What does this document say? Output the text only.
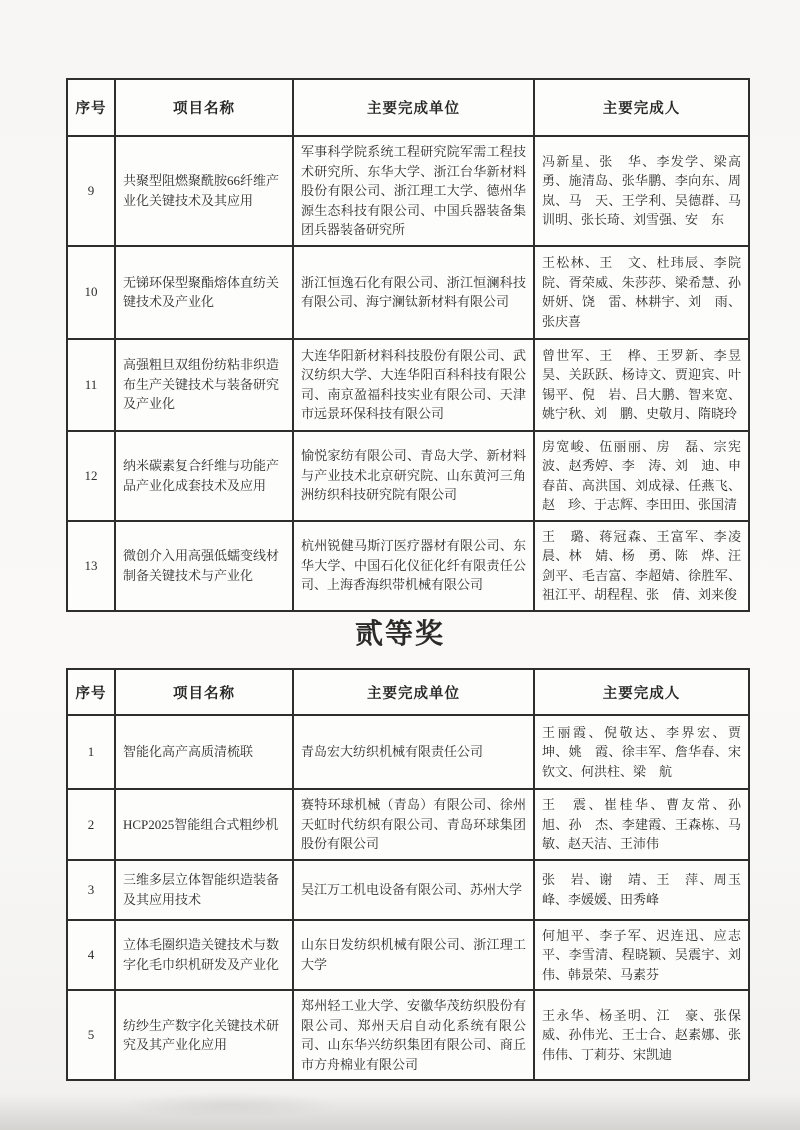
序号	项目名称	主要完成单位	主要完成人
9	共聚型阻燃聚酰胺66纤维产业化关键技术及其应用	军事科学院系统工程研究院军需工程技术研究所、东华大学、浙江台华新材料股份有限公司、浙江理工大学、德州华源生态科技有限公司、中国兵器装备集团兵器装备研究所	冯新星、张　华、李发学、梁高勇、施清岛、张华鹏、李向东、周　岚、马　天、王学利、吴德群、马训明、张长琦、刘雪强、安　东
10	无锑环保型聚酯熔体直纺关键技术及产业化	浙江恒逸石化有限公司、浙江恒澜科技有限公司、海宁澜钛新材料有限公司	王松林、王　文、杜玮辰、李院院、胥荣威、朱莎莎、梁希慧、孙妍妍、饶　雷、林耕宇、刘　雨、张庆喜
11	高强粗旦双组份纺粘非织造布生产关键技术与装备研究及产业化	大连华阳新材料科技股份有限公司、武汉纺织大学、大连华阳百科科技有限公司、南京盈福科技实业有限公司、天津市远景环保科技有限公司	曾世军、王　桦、王罗新、李昱昊、关跃跃、杨诗文、贾迎宾、叶锡平、倪　岩、吕大鹏、智来宽、姚宁秋、刘　鹏、史敬月、隋晓玲
12	纳米碳素复合纤维与功能产品产业化成套技术及应用	愉悦家纺有限公司、青岛大学、新材料与产业技术北京研究院、山东黄河三角洲纺织科技研究院有限公司	房宽峻、伍丽丽、房　磊、宗宪波、赵秀婷、李　涛、刘　迪、申春苗、高洪国、刘成禄、任燕飞、赵　珍、于志辉、李田田、张国清
13	微创介入用高强低蠕变线材制备关键技术与产业化	杭州锐健马斯汀医疗器材有限公司、东华大学、中国石化仪征化纤有限责任公司、上海香海织带机械有限公司	王　璐、蒋冠森、王富军、李凌晨、林　婧、杨　勇、陈　烨、汪剑平、毛吉富、李超婧、徐胜军、祖江平、胡程程、张　倩、刘来俊
贰等奖
序号	项目名称	主要完成单位	主要完成人
1	智能化高产高质清梳联	青岛宏大纺织机械有限责任公司	王丽霞、倪敬达、李界宏、贾　坤、姚　霞、徐丰军、詹华春、宋钦文、何洪柱、梁　航
2	HCP2025智能组合式粗纱机	赛特环球机械（青岛）有限公司、徐州天虹时代纺织有限公司、青岛环球集团股份有限公司	王　震、崔桂华、曹友常、孙　旭、孙　杰、李建霞、王森栋、马　敏、赵天洁、王沛伟
3	三维多层立体智能织造装备及其应用技术	吴江万工机电设备有限公司、苏州大学	张　岩、谢　靖、王　萍、周玉峰、李媛媛、田秀峰
4	立体毛圈织造关键技术与数字化毛巾织机研发及产业化	山东日发纺织机械有限公司、浙江理工大学	何旭平、李子军、迟连迅、应志平、李雪清、程晓颖、吴震宇、刘　伟、韩景荣、马素芬
5	纺纱生产数字化关键技术研究及其产业化应用	郑州轻工业大学、安徽华茂纺织股份有限公司、郑州天启自动化系统有限公司、山东华兴纺织集团有限公司、商丘市方舟棉业有限公司	王永华、杨圣明、江　豪、张保威、孙伟光、王士合、赵素娜、张伟伟、丁莉芬、宋凯迪
